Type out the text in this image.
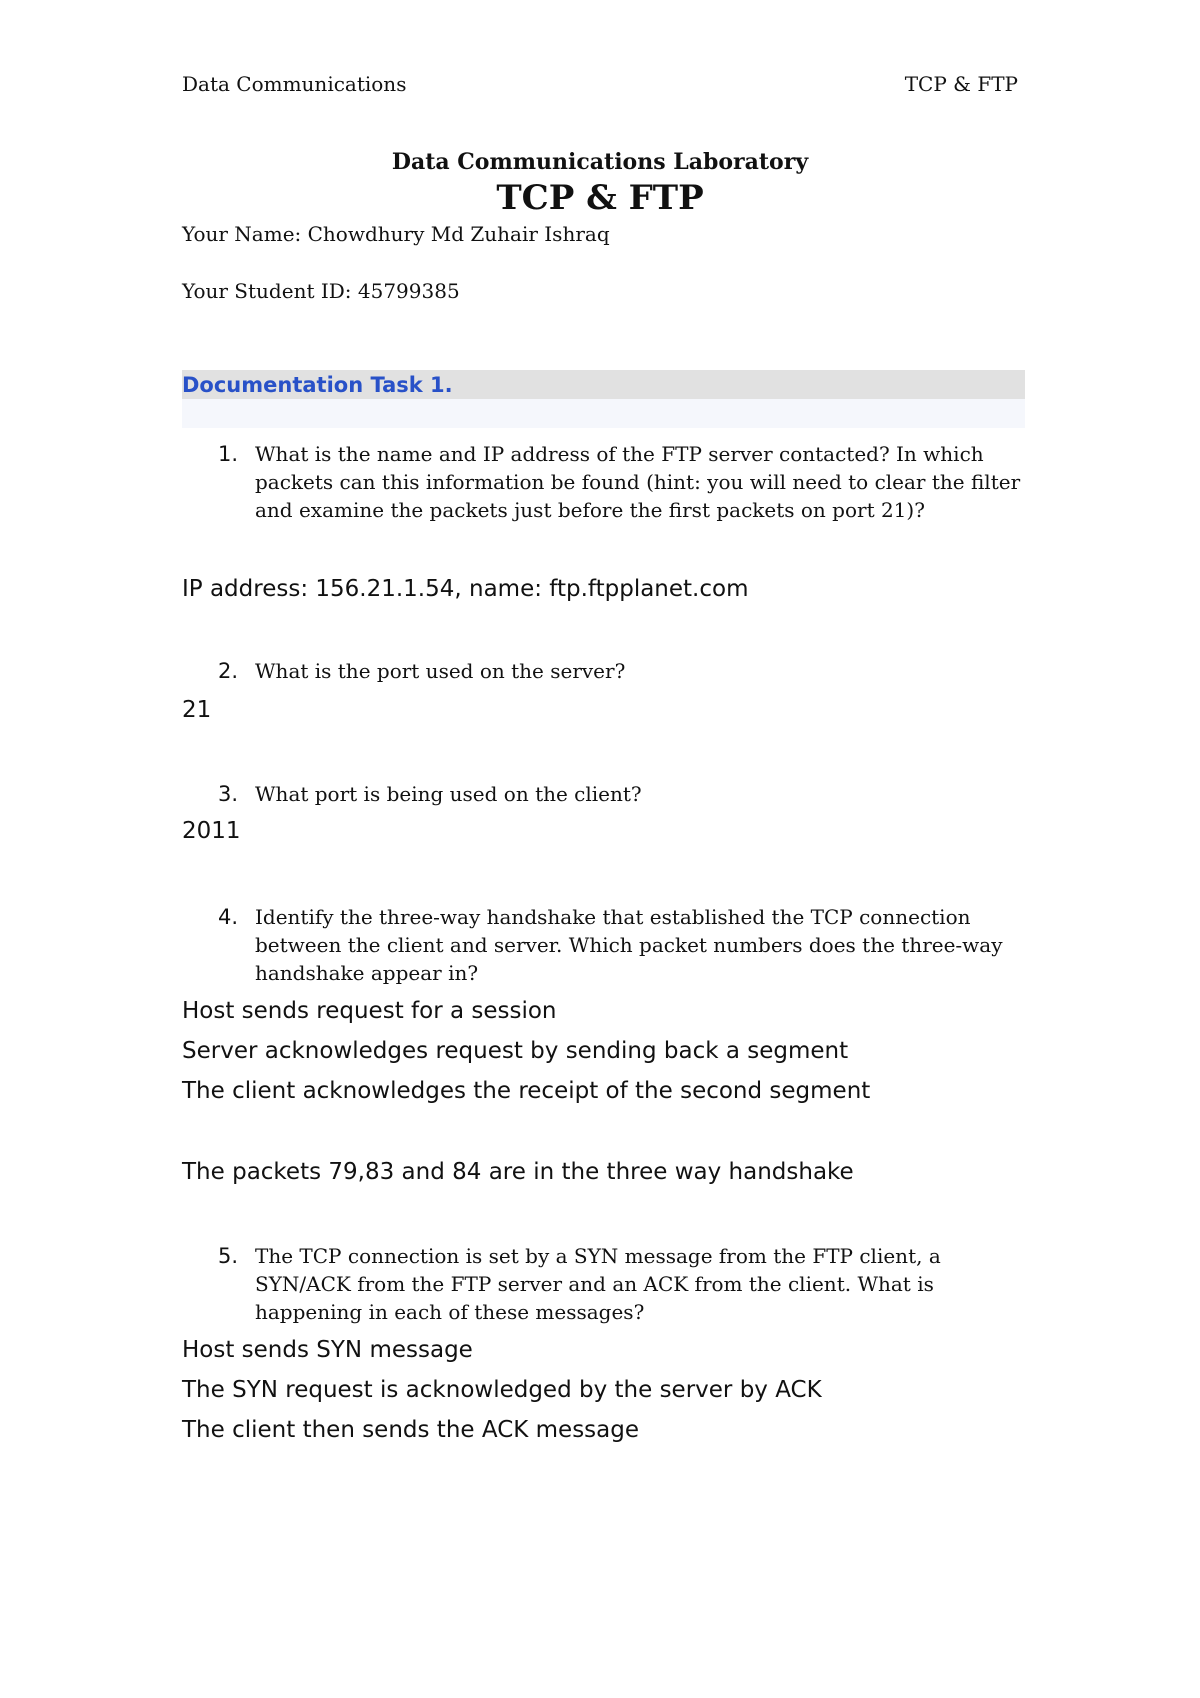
Data Communications	TCP & FTP
Data Communications Laboratory
TCP & FTP
Your Name: Chowdhury Md Zuhair Ishraq
Your Student ID: 45799385
Documentation Task 1.
1. What is the name and IP address of the FTP server contacted? In which packets can this information be found (hint: you will need to clear the filter and examine the packets just before the first packets on port 21)?
IP address: 156.21.1.54, name: ftp.ftpplanet.com
2. What is the port used on the server?
21
3. What port is being used on the client?
2011
4. Identify the three-way handshake that established the TCP connection between the client and server. Which packet numbers does the three-way handshake appear in?
Host sends request for a session
Server acknowledges request by sending back a segment
The client acknowledges the receipt of the second segment
The packets 79,83 and 84 are in the three way handshake
5. The TCP connection is set by a SYN message from the FTP client, a SYN/ACK from the FTP server and an ACK from the client. What is happening in each of these messages?
Host sends SYN message
The SYN request is acknowledged by the server by ACK
The client then sends the ACK message
